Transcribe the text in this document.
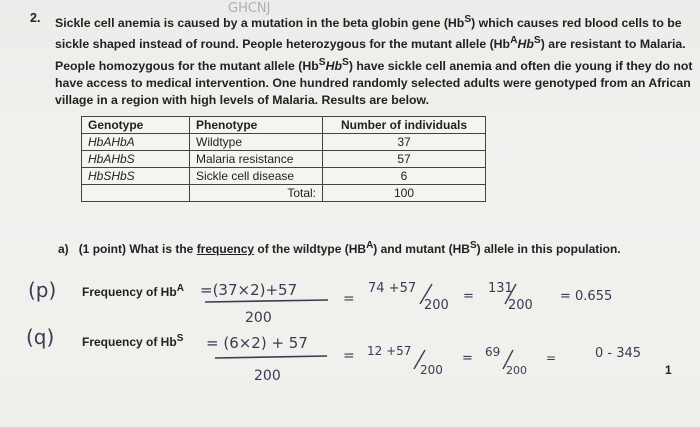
2. Sickle cell anemia is caused by a mutation in the beta globin gene $(Hb^S)$ which causes red blood cells to be
sickle shaped instead of round. People heterozygous for the mutant allele $(Hb^AHb^S)$ are resistant to Malaria.
People homozygous for the mutant allele $(Hb^SHb^S)$ have sickle cell anemia and often die young if they do not
have access to medical intervention. One hundred randomly selected adults were genotyped from an African
village in a region with high levels of Malaria. Results are below.
Genotype	Phenotype	Number of individuals
HbAHbA	Wildtype	37
HbAHbS	Malaria resistance	57
HbSHbS	Sickle cell disease	6
	Total:	100
a) (1 point) What is the frequency of the wildtype $(HB^A)$ and mutant $(HB^S)$ allele in this population.
Frequency of $Hb^A$
Frequency of $Hb^S$
GHCNJ
(p)	=(37×2)+57
200
=
74 +57
200
=
131
200
= 0.655
(q)	= (6×2) + 57
200
= 12 +57
200
= 69
200
=	0 - 345
1
